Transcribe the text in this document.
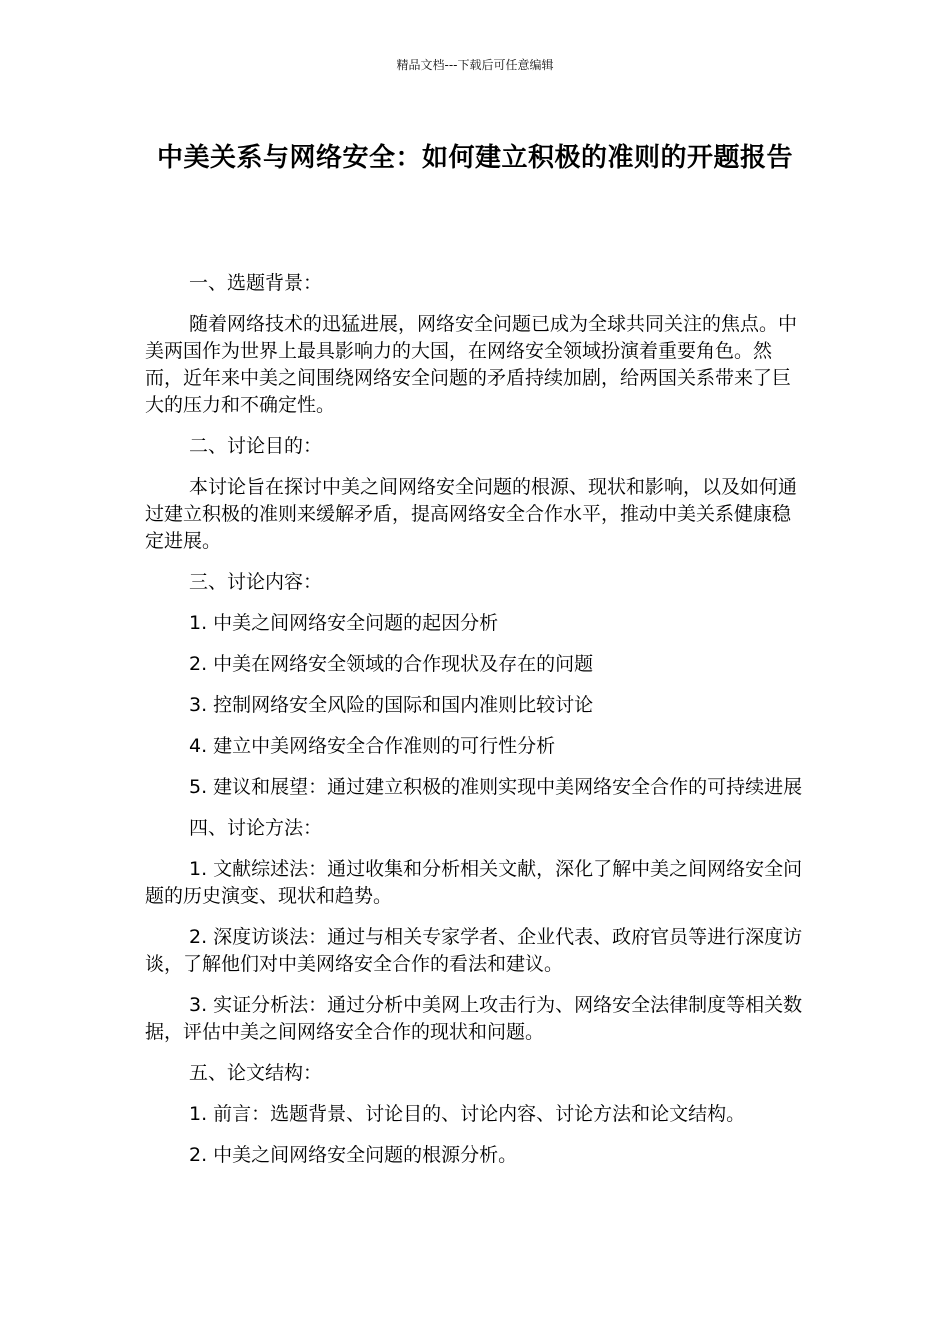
精品文档---下载后可任意编辑
中美关系与网络安全：如何建立积极的准则的开题报告

一、选题背景：

随着网络技术的迅猛进展，网络安全问题已成为全球共同关注的焦点。中美两国作为世界上最具影响力的大国，在网络安全领域扮演着重要角色。然而，近年来中美之间围绕网络安全问题的矛盾持续加剧，给两国关系带来了巨大的压力和不确定性。

二、讨论目的：

本讨论旨在探讨中美之间网络安全问题的根源、现状和影响，以及如何通过建立积极的准则来缓解矛盾，提高网络安全合作水平，推动中美关系健康稳定进展。

三、讨论内容：

1. 中美之间网络安全问题的起因分析

2. 中美在网络安全领域的合作现状及存在的问题

3. 控制网络安全风险的国际和国内准则比较讨论

4. 建立中美网络安全合作准则的可行性分析

5. 建议和展望：通过建立积极的准则实现中美网络安全合作的可持续进展

四、讨论方法：

1. 文献综述法：通过收集和分析相关文献，深化了解中美之间网络安全问题的历史演变、现状和趋势。

2. 深度访谈法：通过与相关专家学者、企业代表、政府官员等进行深度访谈，了解他们对中美网络安全合作的看法和建议。

3. 实证分析法：通过分析中美网上攻击行为、网络安全法律制度等相关数据，评估中美之间网络安全合作的现状和问题。

五、论文结构：

1. 前言：选题背景、讨论目的、讨论内容、讨论方法和论文结构。

2. 中美之间网络安全问题的根源分析。
